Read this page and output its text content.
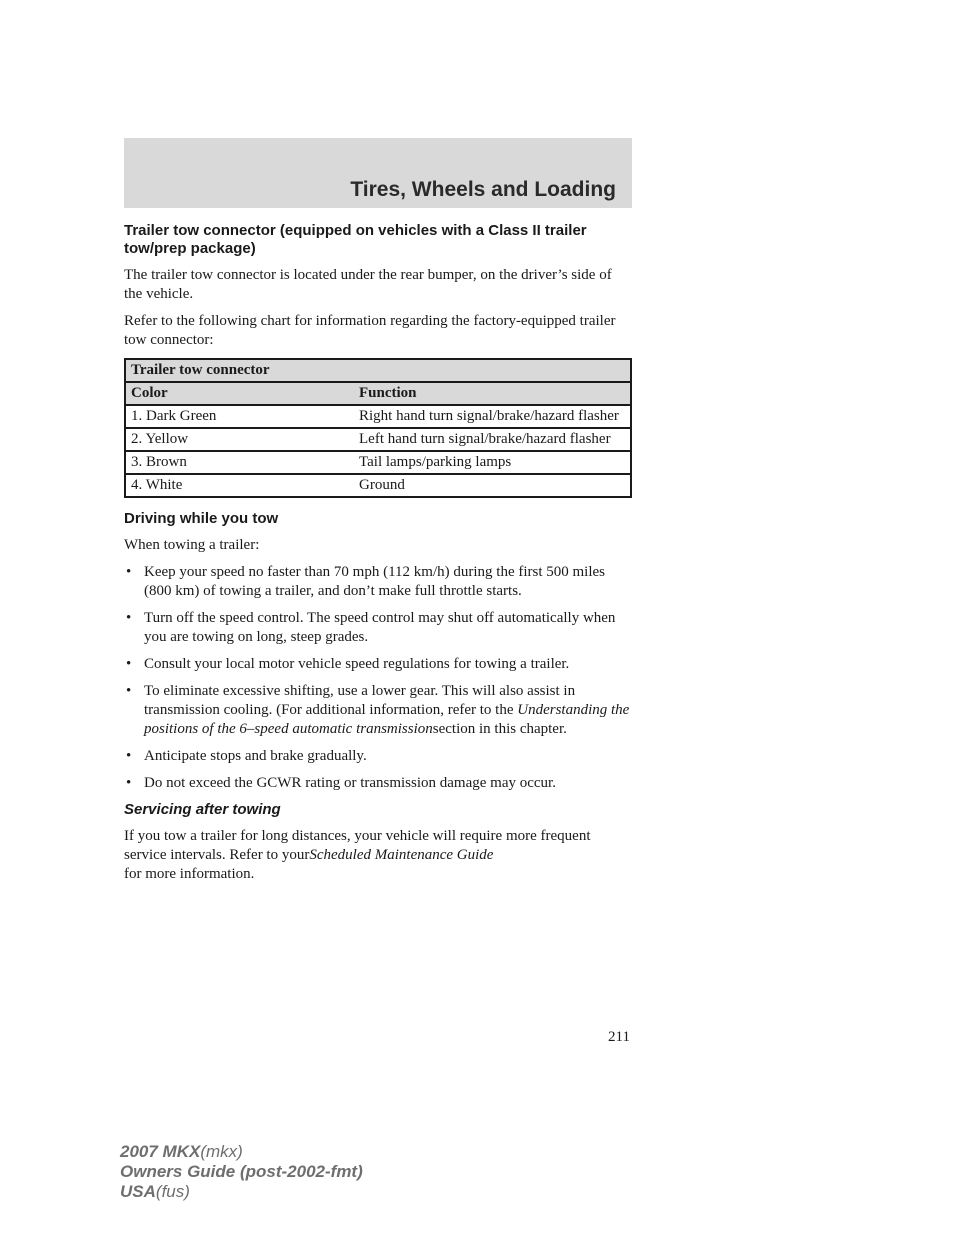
Tires, Wheels and Loading
Trailer tow connector (equipped on vehicles with a Class II trailer tow/prep package)

The trailer tow connector is located under the rear bumper, on the driver’s side of the vehicle.

Refer to the following chart for information regarding the factory-equipped trailer tow connector:

Trailer tow connector	
Color	Function
1. Dark Green	Right hand turn signal/brake/hazard flasher
2. Yellow	Left hand turn signal/brake/hazard flasher
3. Brown	Tail lamps/parking lamps
4. White	Ground
Driving while you tow

When towing a trailer:

• Keep your speed no faster than 70 mph (112 km/h) during the first 500 miles (800 km) of towing a trailer, and don’t make full throttle starts.
• Turn off the speed control. The speed control may shut off automatically when you are towing on long, steep grades.
• Consult your local motor vehicle speed regulations for towing a trailer.
• To eliminate excessive shifting, use a lower gear. This will also assist in transmission cooling. (For additional information, refer to the Understanding the positions of the 6–speed automatic transmissionsection in this chapter.
• Anticipate stops and brake gradually.
• Do not exceed the GCWR rating or transmission damage may occur.
Servicing after towing

If you tow a trailer for long distances, your vehicle will require more frequent service intervals. Refer to yourScheduled Maintenance Guide
for more information.

211
2007 MKX(mkx)
Owners Guide (post-2002-fmt)
USA(fus)
